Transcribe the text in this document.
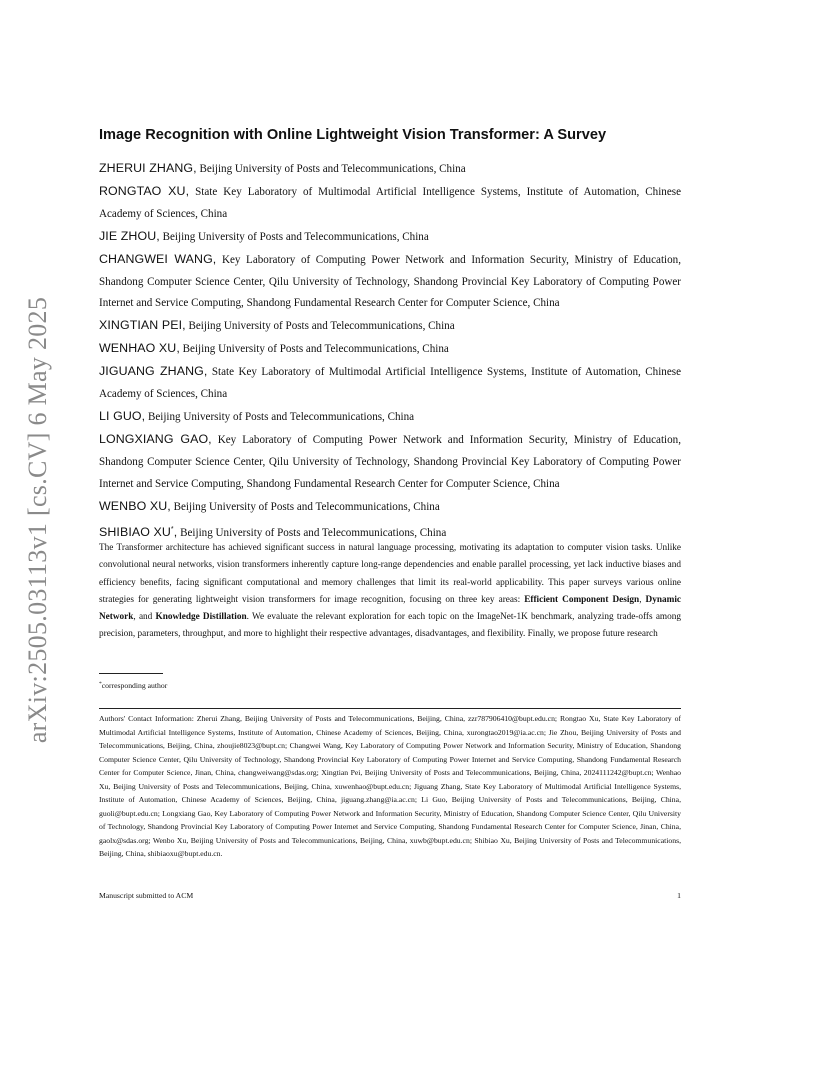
arXiv:2505.03113v1 [cs.CV] 6 May 2025
Image Recognition with Online Lightweight Vision Transformer: A Survey
ZHERUI ZHANG, Beijing University of Posts and Telecommunications, China
RONGTAO XU, State Key Laboratory of Multimodal Artificial Intelligence Systems, Institute of Automation, Chinese Academy of Sciences, China
JIE ZHOU, Beijing University of Posts and Telecommunications, China
CHANGWEI WANG, Key Laboratory of Computing Power Network and Information Security, Ministry of Education, Shandong Computer Science Center, Qilu University of Technology, Shandong Provincial Key Laboratory of Computing Power Internet and Service Computing, Shandong Fundamental Research Center for Computer Science, China
XINGTIAN PEI, Beijing University of Posts and Telecommunications, China
WENHAO XU, Beijing University of Posts and Telecommunications, China
JIGUANG ZHANG, State Key Laboratory of Multimodal Artificial Intelligence Systems, Institute of Automation, Chinese Academy of Sciences, China
LI GUO, Beijing University of Posts and Telecommunications, China
LONGXIANG GAO, Key Laboratory of Computing Power Network and Information Security, Ministry of Education, Shandong Computer Science Center, Qilu University of Technology, Shandong Provincial Key Laboratory of Computing Power Internet and Service Computing, Shandong Fundamental Research Center for Computer Science, China
WENBO XU, Beijing University of Posts and Telecommunications, China
SHIBIAO XU*, Beijing University of Posts and Telecommunications, China
The Transformer architecture has achieved significant success in natural language processing, motivating its adaptation to computer vision tasks. Unlike convolutional neural networks, vision transformers inherently capture long-range dependencies and enable parallel processing, yet lack inductive biases and efficiency benefits, facing significant computational and memory challenges that limit its real-world applicability. This paper surveys various online strategies for generating lightweight vision transformers for image recognition, focusing on three key areas: Efficient Component Design, Dynamic Network, and Knowledge Distillation. We evaluate the relevant exploration for each topic on the ImageNet-1K benchmark, analyzing trade-offs among precision, parameters, throughput, and more to highlight their respective advantages, disadvantages, and flexibility. Finally, we propose future research
*corresponding author
Authors' Contact Information: Zherui Zhang, Beijing University of Posts and Telecommunications, Beijing, China, zzr787906410@bupt.edu.cn; Rongtao Xu, State Key Laboratory of Multimodal Artificial Intelligence Systems, Institute of Automation, Chinese Academy of Sciences, Beijing, China, xurongtao2019@ia.ac.cn; Jie Zhou, Beijing University of Posts and Telecommunications, Beijing, China, zhoujie8023@bupt.cn; Changwei Wang, Key Laboratory of Computing Power Network and Information Security, Ministry of Education, Shandong Computer Science Center, Qilu University of Technology, Shandong Provincial Key Laboratory of Computing Power Internet and Service Computing, Shandong Fundamental Research Center for Computer Science, Jinan, China, changweiwang@sdas.org; Xingtian Pei, Beijing University of Posts and Telecommunications, Beijing, China, 2024111242@bupt.cn; Wenhao Xu, Beijing University of Posts and Telecommunications, Beijing, China, xuwenhao@bupt.edu.cn; Jiguang Zhang, State Key Laboratory of Multimodal Artificial Intelligence Systems, Institute of Automation, Chinese Academy of Sciences, Beijing, China, jiguang.zhang@ia.ac.cn; Li Guo, Beijing University of Posts and Telecommunications, Beijing, China, guoli@bupt.edu.cn; Longxiang Gao, Key Laboratory of Computing Power Network and Information Security, Ministry of Education, Shandong Computer Science Center, Qilu University of Technology, Shandong Provincial Key Laboratory of Computing Power Internet and Service Computing, Shandong Fundamental Research Center for Computer Science, Jinan, China, gaolx@sdas.org; Wenbo Xu, Beijing University of Posts and Telecommunications, Beijing, China, xuwb@bupt.edu.cn; Shibiao Xu, Beijing University of Posts and Telecommunications, Beijing, China, shibiaoxu@bupt.edu.cn.
Manuscript submitted to ACM	1
